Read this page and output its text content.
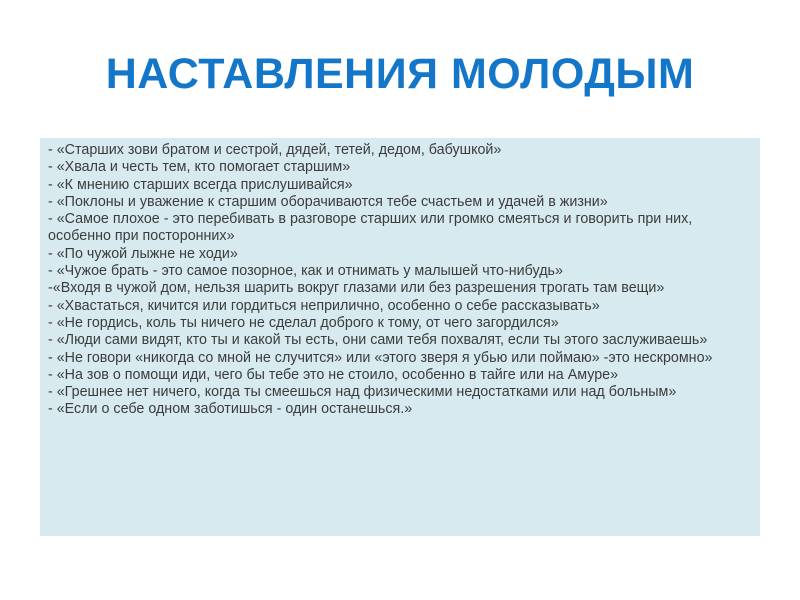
НАСТАВЛЕНИЯ МОЛОДЫМ
- «Старших зови братом и сестрой, дядей, тетей, дедом, бабушкой»
- «Хвала и честь тем, кто помогает старшим»
- «К мнению старших всегда прислушивайся»
- «Поклоны и уважение к старшим оборачиваются тебе счастьем и удачей в жизни»
- «Самое плохое - это перебивать в разговоре старших или громко смеяться и говорить при них, особенно при посторонних»
- «По чужой лыжне не ходи»
- «Чужое брать - это самое позорное, как и отнимать у малышей что-нибудь»
-«Входя в чужой дом, нельзя шарить вокруг глазами или без разрешения трогать там вещи»
- «Хвастаться, кичится или гордиться неприлично, особенно о себе рассказывать»
- «Не гордись, коль ты ничего не сделал доброго к тому, от чего загордился»
- «Люди сами видят, кто ты и какой ты есть, они сами тебя похвалят, если ты этого заслуживаешь»
- «Не говори «никогда со мной не случится» или «этого зверя я убью или поймаю» -это нескромно»
- «На зов о помощи иди, чего бы тебе это не стоило, особенно в тайге или на Амуре»
- «Грешнее нет ничего, когда ты смеешься над физическими недостатками или над больным»
- «Если о себе одном заботишься - один останешься.»
